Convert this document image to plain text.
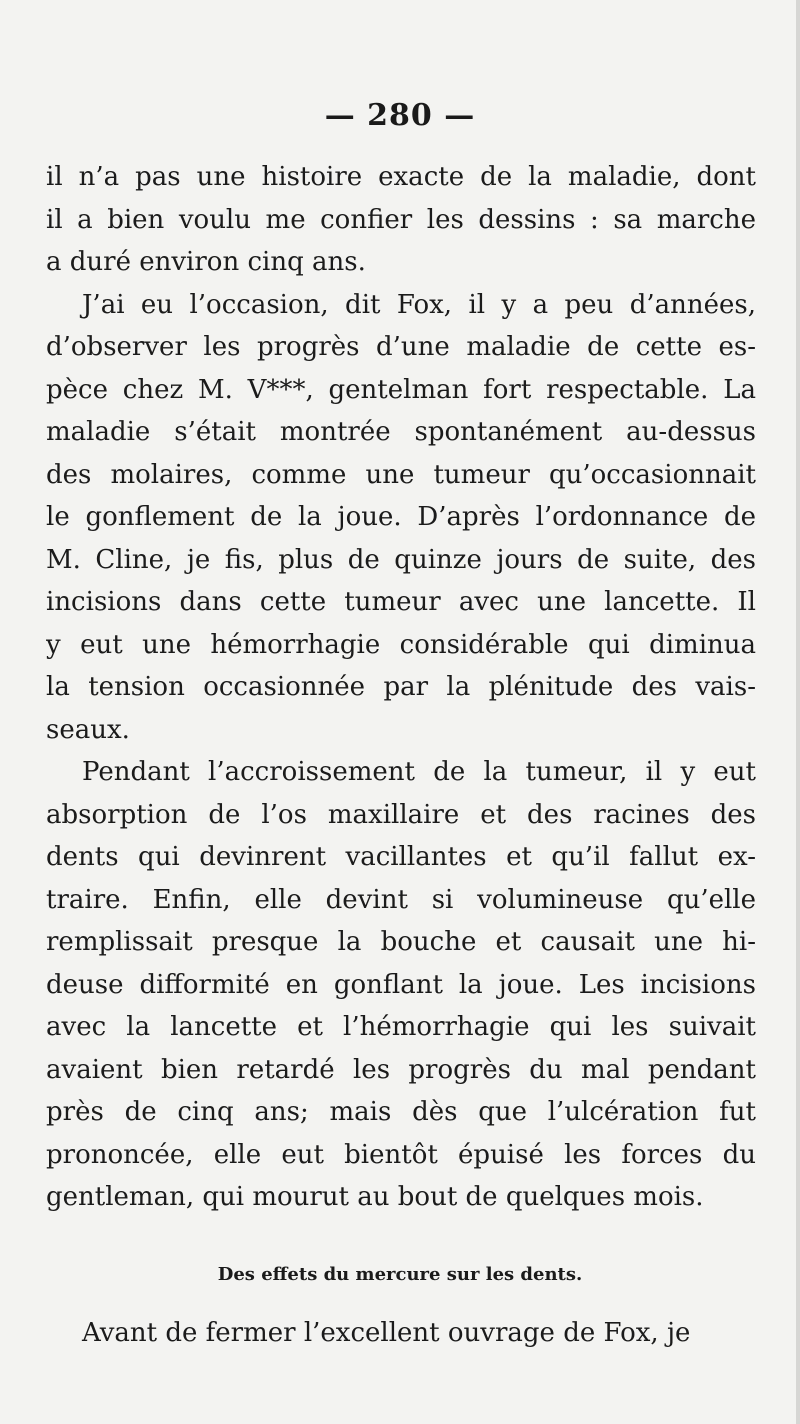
— 280 —
il n’a pas une histoire exacte de la maladie, dont
il a bien voulu me confier les dessins : sa marche
a duré environ cinq ans.
J’ai eu l’occasion, dit Fox, il y a peu d’années,
d’observer les progrès d’une maladie de cette es-
pèce chez M. V***, gentelman fort respectable. La
maladie s’était montrée spontanément au-dessus
des molaires, comme une tumeur qu’occasionnait
le gonflement de la joue. D’après l’ordonnance de
M. Cline, je fis, plus de quinze jours de suite, des
incisions dans cette tumeur avec une lancette. Il
y eut une hémorrhagie considérable qui diminua
la tension occasionnée par la plénitude des vais-
seaux.
Pendant l’accroissement de la tumeur, il y eut
absorption de l’os maxillaire et des racines des
dents qui devinrent vacillantes et qu’il fallut ex-
traire. Enfin, elle devint si volumineuse qu’elle
remplissait presque la bouche et causait une hi-
deuse difformité en gonflant la joue. Les incisions
avec la lancette et l’hémorrhagie qui les suivait
avaient bien retardé les progrès du mal pendant
près de cinq ans; mais dès que l’ulcération fut
prononcée, elle eut bientôt épuisé les forces du
gentleman, qui mourut au bout de quelques mois.
Des effets du mercure sur les dents.
Avant de fermer l’excellent ouvrage de Fox, je
